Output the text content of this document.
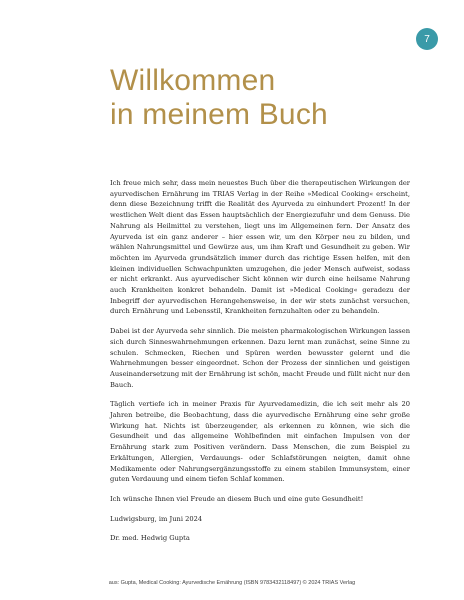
7
Willkommen
in meinem Buch

Ich freue mich sehr, dass mein neuestes Buch über die therapeutischen Wirkungen der ayurvedischen Ernährung im TRIAS Verlag in der Reihe »Medical Cooking« erscheint, denn diese Bezeichnung trifft die Realität des Ayurveda zu einhundert Prozent! In der westlichen Welt dient das Essen hauptsächlich der Energiezufuhr und dem Genuss. Die Nahrung als Heilmittel zu verstehen, liegt uns im Allgemeinen fern. Der Ansatz des Ayurveda ist ein ganz anderer – hier essen wir, um den Körper neu zu bilden, und wählen Nahrungsmittel und Gewürze aus, um ihm Kraft und Gesundheit zu geben. Wir möchten im Ayurveda grundsätzlich immer durch das richtige Essen helfen, mit den kleinen individuellen Schwachpunkten umzugehen, die jeder Mensch aufweist, sodass er nicht erkrankt. Aus ayurvedischer Sicht können wir durch eine heilsame Nahrung auch Krankheiten konkret behandeln. Damit ist »Medical Cooking« geradezu der Inbegriff der ayurvedischen Herangehensweise, in der wir stets zunächst versuchen, durch Ernährung und Lebensstil, Krankheiten fernzuhalten oder zu behandeln.

Dabei ist der Ayurveda sehr sinnlich. Die meisten pharmakologischen Wirkungen lassen sich durch Sinneswahrnehmungen erkennen. Dazu lernt man zunächst, seine Sinne zu schulen. Schmecken, Riechen und Spüren werden bewusster gelernt und die Wahrnehmungen besser eingeordnet. Schon der Prozess der sinnlichen und geistigen Auseinandersetzung mit der Ernährung ist schön, macht Freude und füllt nicht nur den Bauch.

Täglich vertiefe ich in meiner Praxis für Ayurvedamedizin, die ich seit mehr als 20 Jahren betreibe, die Beobachtung, dass die ayurvedische Ernährung eine sehr große Wirkung hat. Nichts ist überzeugender, als erkennen zu können, wie sich die Gesundheit und das allgemeine Wohlbefinden mit einfachen Impulsen von der Ernährung stark zum Positiven verändern. Dass Menschen, die zum Beispiel zu Erkältungen, Allergien, Verdauungs- oder Schlafstörungen neigten, damit ohne Medikamente oder Nahrungsergänzungsstoffe zu einem stabilen Immunsystem, einer guten Verdauung und einem tiefen Schlaf kommen.

Ich wünsche Ihnen viel Freude an diesem Buch und eine gute Gesundheit!

Ludwigsburg, im Juni 2024

Dr. med. Hedwig Gupta

aus: Gupta, Medical Cooking: Ayurvedische Ernährung (ISBN 9783432118497) © 2024 TRIAS Verlag
